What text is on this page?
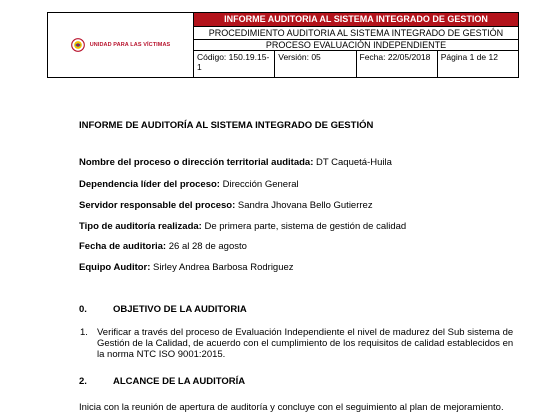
UNIDAD PARA LAS VÍCTIMAS	INFORME AUDITORIA AL SISTEMA INTEGRADO DE GESTION			
	PROCEDIMIENTO AUDITORIA AL SISTEMA INTEGRADO DE GESTIÓN			
	PROCESO EVALUACIÓN INDEPENDIENTE			
	Código: 150.19.15-1	Versión: 05	Fecha: 22/05/2018	Página 1 de 12
INFORME DE AUDITORÍA AL SISTEMA INTEGRADO DE GESTIÓN
Nombre del proceso o dirección territorial auditada: DT Caquetá-Huila
Dependencia líder del proceso: Dirección General
Servidor responsable del proceso: Sandra Jhovana Bello Gutierrez
Tipo de auditoría realizada: De primera parte, sistema de gestión de calidad
Fecha de auditoria: 26 al 28 de agosto
Equipo Auditor: Sirley Andrea Barbosa Rodriguez
0.	OBJETIVO DE LA AUDITORIA
1. Verificar a través del proceso de Evaluación Independiente el nivel de madurez del Sub sistema de Gestión de la Calidad, de acuerdo con el cumplimiento de los requisitos de calidad establecidos en la norma NTC ISO 9001:2015.
2.	ALCANCE DE LA AUDITORÍA
Inicia con la reunión de apertura de auditoría y concluye con el seguimiento al plan de mejoramiento.
